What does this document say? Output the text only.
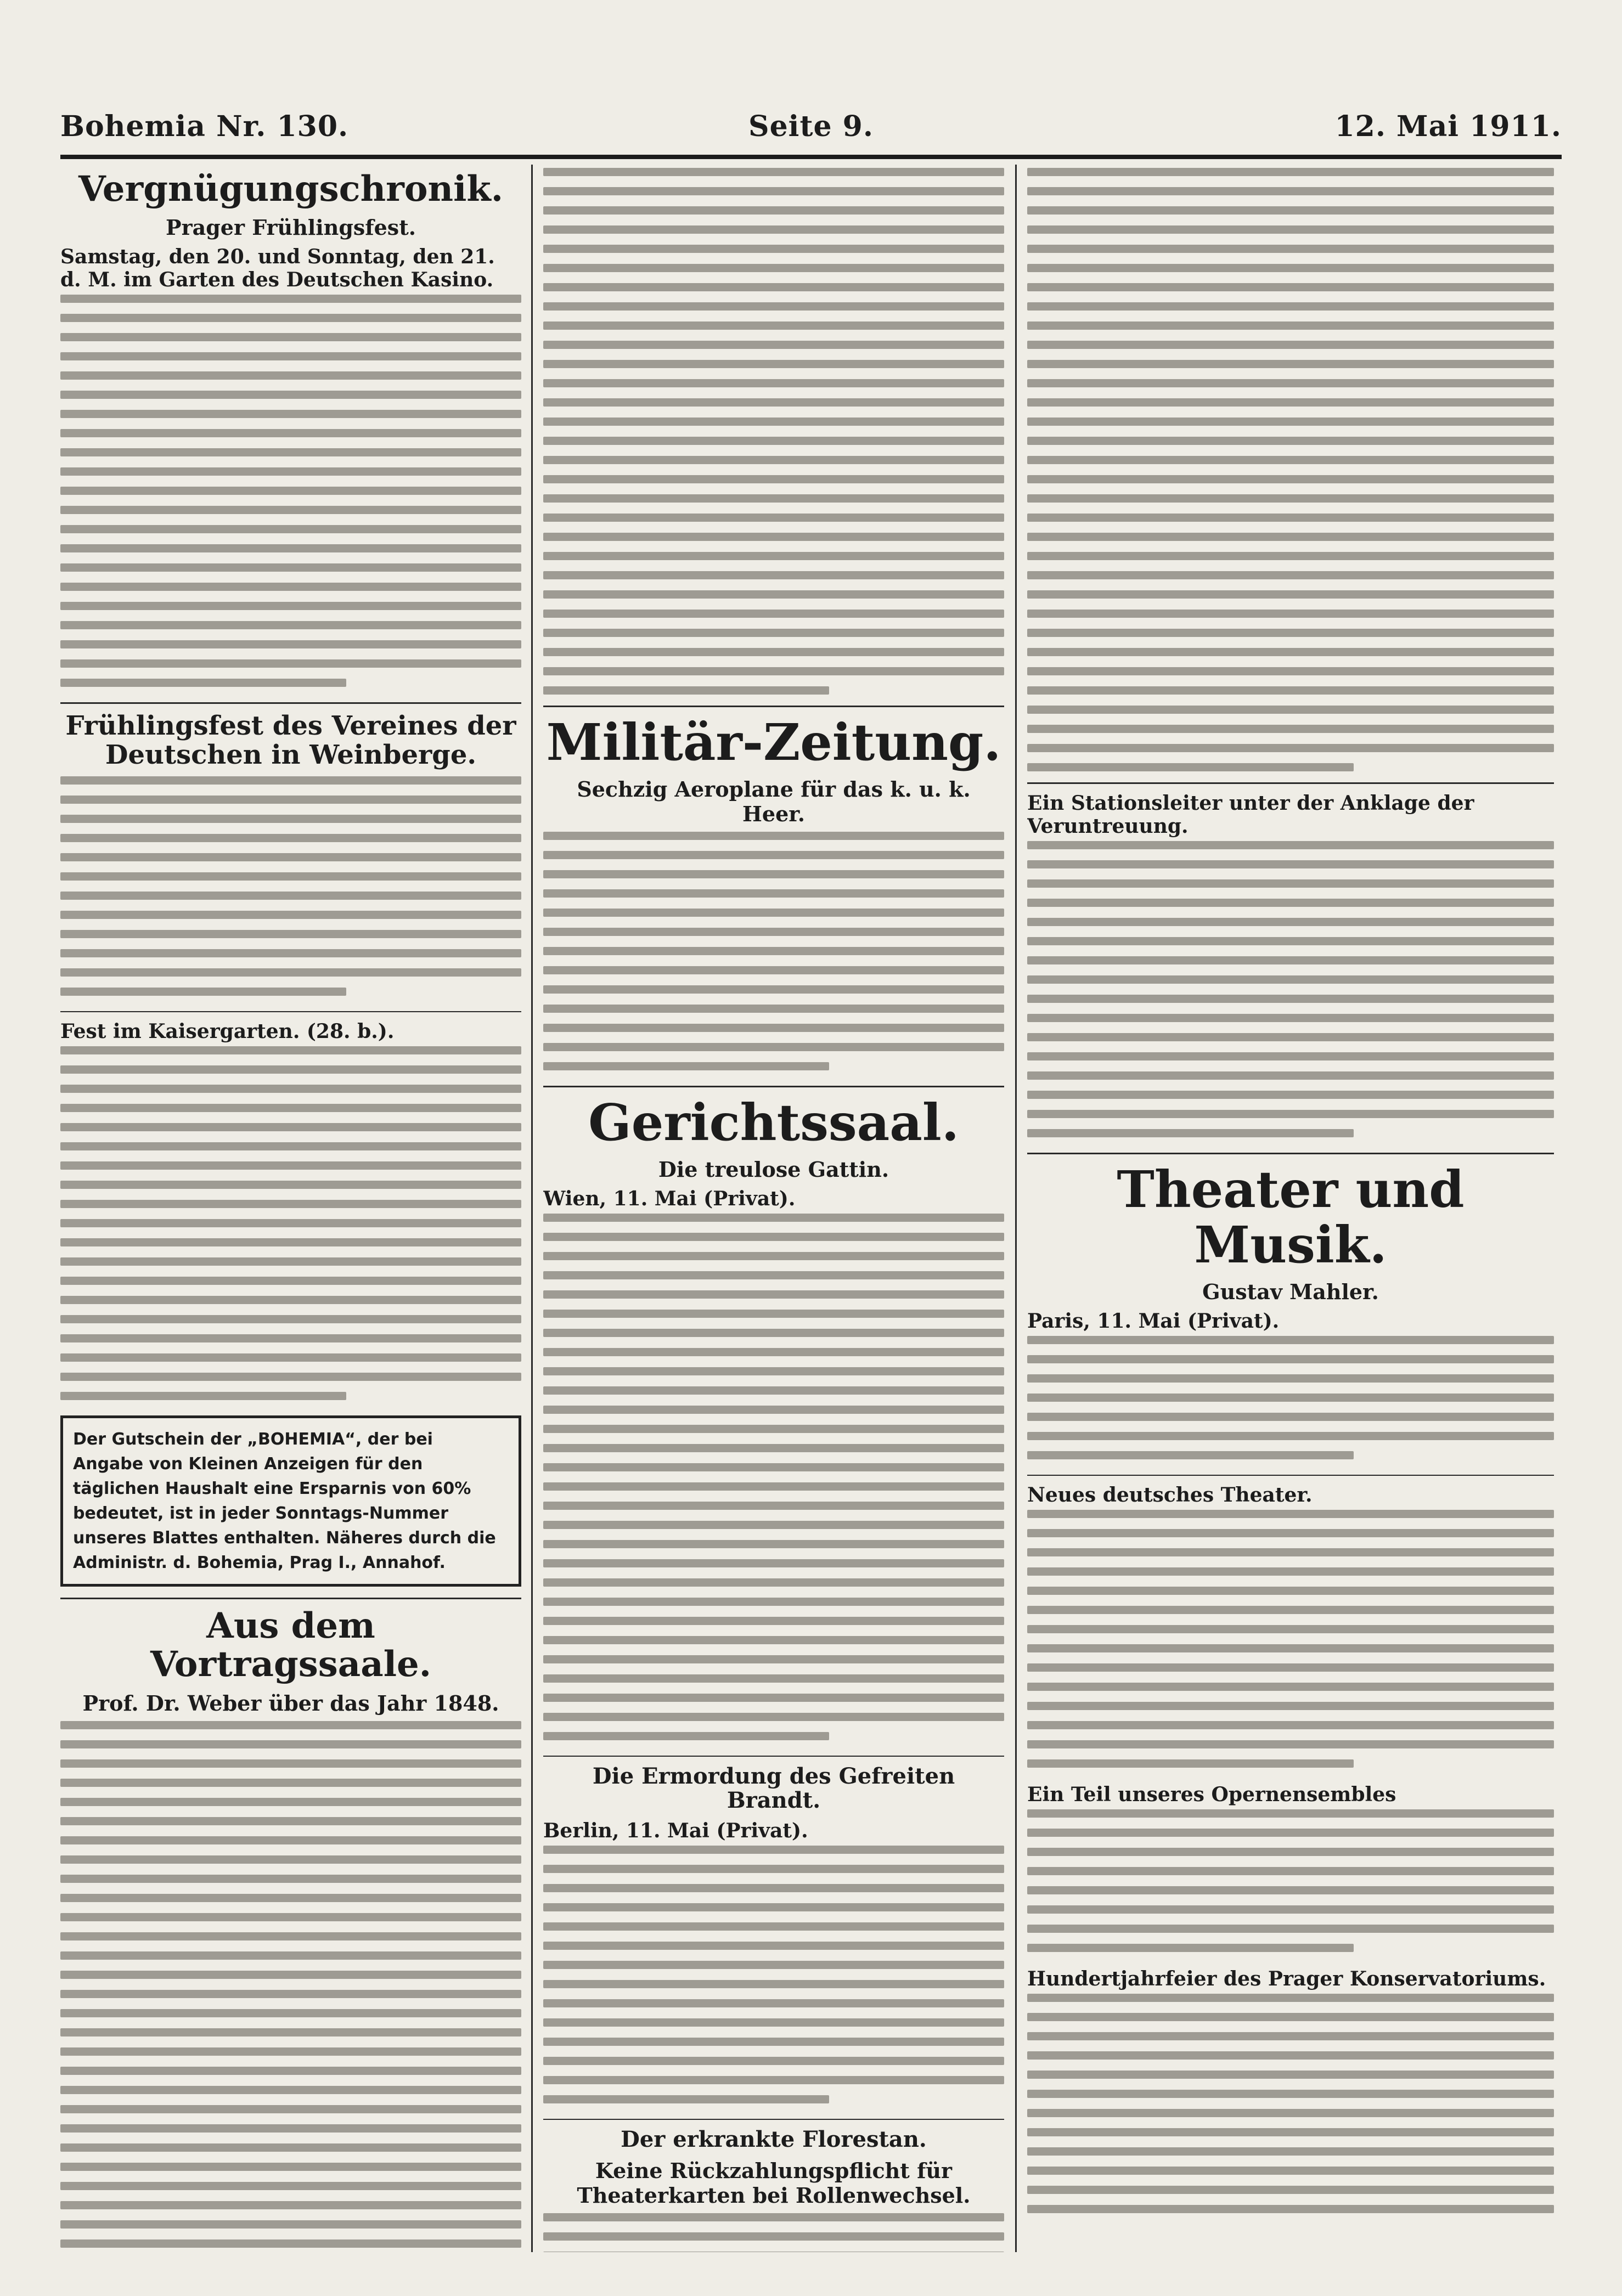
Bohemia Nr. 130.	Seite 9.	12. Mai 1911.
Vergnügungschronik.
Prager Frühlingsfest.
Samstag, den 20. und Sonntag, den 21. d. M. im Garten des Deutschen Kasino.
Frühlingsfest des Vereines der Deutschen in Weinberge.
Fest im Kaisergarten. (28. b.).
Der Gutschein der „BOHEMIA“, der bei Angabe von Kleinen Anzeigen für den täglichen Haushalt eine Ersparnis von 60% bedeutet, ist in jeder Sonntags-Nummer unseres Blattes enthalten. Näheres durch die Administr. d. Bohemia, Prag I., Annahof.
Aus dem Vortragssaale.
Prof. Dr. Weber über das Jahr 1848.
Militär-Zeitung.
Sechzig Aeroplane für das k. u. k. Heer.
Gerichtssaal.
Die treulose Gattin.
Wien, 11. Mai (Privat).
Die Ermordung des Gefreiten Brandt.
Berlin, 11. Mai (Privat).
Der erkrankte Florestan.
Keine Rückzahlungspflicht für Theaterkarten bei Rollenwechsel.
Ein Stationsleiter unter der Anklage der Veruntreuung.
Theater und Musik.
Gustav Mahler.
Paris, 11. Mai (Privat).
Neues deutsches Theater.
Ein Teil unseres Opernensembles
Hundertjahrfeier des Prager Konservatoriums.
